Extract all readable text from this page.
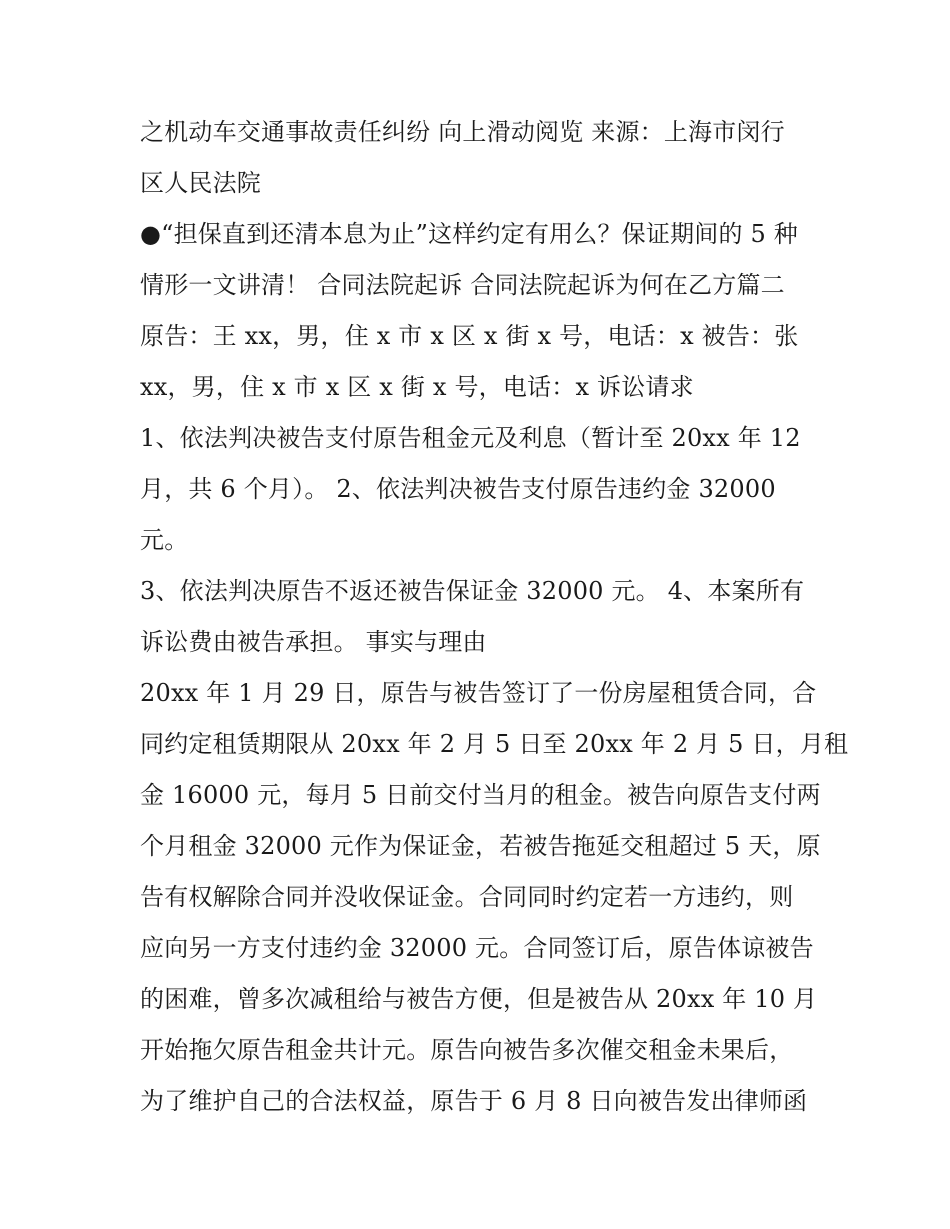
之机动车交通事故责任纠纷 向上滑动阅览 来源：上海市闵行
区人民法院
●“担保直到还清本息为止”这样约定有用么？保证期间的 5 种
情形一文讲清！ 合同法院起诉 合同法院起诉为何在乙方篇二
原告：王 xx，男，住 x 市 x 区 x 街 x 号，电话：x 被告：张
xx，男，住 x 市 x 区 x 街 x 号，电话：x 诉讼请求
1、依法判决被告支付原告租金元及利息（暂计至 20xx 年 12
月，共 6 个月）。 2、依法判决被告支付原告违约金 32000
元。
3、依法判决原告不返还被告保证金 32000 元。 4、本案所有
诉讼费由被告承担。 事实与理由
20xx 年 1 月 29 日，原告与被告签订了一份房屋租赁合同，合
同约定租赁期限从 20xx 年 2 月 5 日至 20xx 年 2 月 5 日，月租
金 16000 元，每月 5 日前交付当月的租金。被告向原告支付两
个月租金 32000 元作为保证金，若被告拖延交租超过 5 天，原
告有权解除合同并没收保证金。合同同时约定若一方违约，则
应向另一方支付违约金 32000 元。合同签订后，原告体谅被告
的困难，曾多次减租给与被告方便，但是被告从 20xx 年 10 月
开始拖欠原告租金共计元。原告向被告多次催交租金未果后，
为了维护自己的合法权益，原告于 6 月 8 日向被告发出律师函
